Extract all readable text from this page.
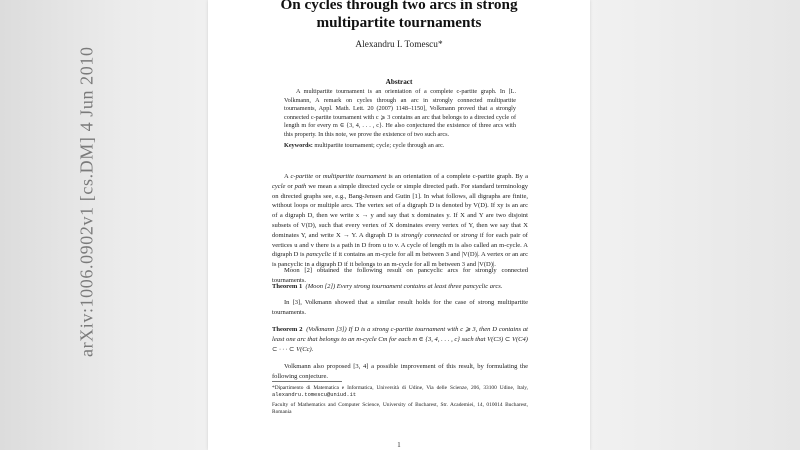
arXiv:1006.0902v1 [cs.DM] 4 Jun 2010
On cycles through two arcs in strong
multipartite tournaments
Alexandru I. Tomescu*
Abstract

A multipartite tournament is an orientation of a complete c-partite graph. In [L. Volkmann, A remark on cycles through an arc in strongly connected multipartite tournaments, Appl. Math. Lett. 20 (2007) 1148–1150], Volkmann proved that a strongly connected c-partite tournament with c ⩾ 3 contains an arc that belongs to a directed cycle of length m for every m ∈ {3, 4, . . . , c}. He also conjectured the existence of three arcs with this property. In this note, we prove the existence of two such arcs.

Keywords: multipartite tournament; cycle; cycle through an arc.

A c-partite or multipartite tournament is an orientation of a complete c-partite graph. By a cycle or path we mean a simple directed cycle or simple directed path. For standard terminology on directed graphs see, e.g., Bang-Jensen and Gutin [1]. In what follows, all digraphs are finite, without loops or multiple arcs. The vertex set of a digraph D is denoted by V(D). If xy is an arc of a digraph D, then we write x → y and say that x dominates y. If X and Y are two disjoint subsets of V(D), such that every vertex of X dominates every vertex of Y, then we say that X dominates Y, and write X → Y. A digraph D is strongly connected or strong if for each pair of vertices u and v there is a path in D from u to v. A cycle of length m is also called an m-cycle. A digraph D is pancyclic if it contains an m-cycle for all m between 3 and |V(D)|. A vertex or an arc is pancyclic in a digraph D if it belongs to an m-cycle for all m between 3 and |V(D)|.

Moon [2] obtained the following result on pancyclic arcs for strongly connected tournaments.

Theorem 1 (Moon [2]) Every strong tournament contains at least three pancyclic arcs.

In [3], Volkmann showed that a similar result holds for the case of strong multipartite tournaments.

Theorem 2 (Volkmann [3]) If D is a strong c-partite tournament with c ⩾ 3, then D contains at least one arc that belongs to an m-cycle Cm for each m ∈ {3, 4, . . . , c} such that V(C3) ⊂ V(C4) ⊂ · · · ⊂ V(Cc).

Volkmann also proposed [3, 4] a possible improvement of this result, by formulating the following conjecture.

*Dipartimento di Matematica e Informatica, Università di Udine, Via delle Scienze, 206, 33100 Udine, Italy, alexandru.tomescu@uniud.it

Faculty of Mathematics and Computer Science, University of Bucharest, Str. Academiei, 14, 010014 Bucharest, Romania

1
